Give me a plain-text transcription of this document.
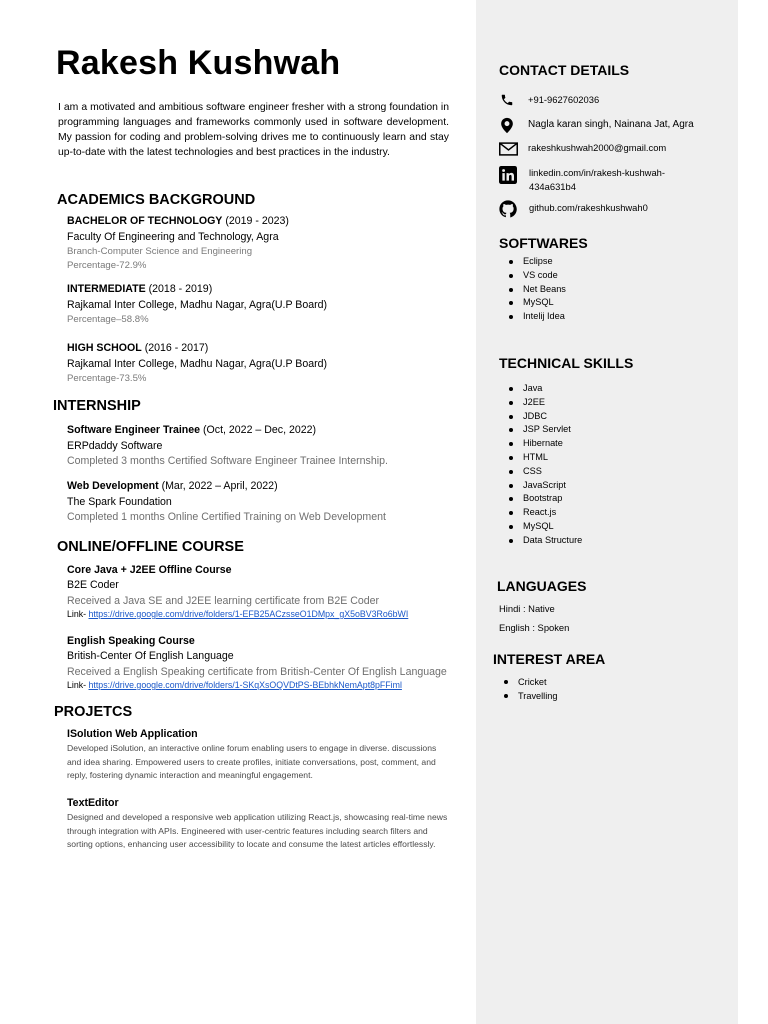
Rakesh Kushwah
I am a motivated and ambitious software engineer fresher with a strong foundation in programming languages and frameworks commonly used in software development. My passion for coding and problem-solving drives me to continuously learn and stay up-to-date with the latest technologies and best practices in the industry.
ACADEMICS BACKGROUND
BACHELOR OF TECHNOLOGY (2019 - 2023)
Faculty Of Engineering and Technology, Agra
Branch-Computer Science and Engineering
Percentage-72.9%
INTERMEDIATE (2018 - 2019)
Rajkamal Inter College, Madhu Nagar, Agra(U.P Board)
Percentage–58.8%
HIGH SCHOOL (2016 - 2017)
Rajkamal Inter College, Madhu Nagar, Agra(U.P Board)
Percentage-73.5%
INTERNSHIP
Software Engineer Trainee (Oct, 2022 – Dec, 2022)
ERPdaddy Software
Completed 3 months Certified Software Engineer Trainee Internship.
Web Development (Mar, 2022 – April, 2022)
The Spark Foundation
Completed 1 months Online Certified Training on Web Development
ONLINE/OFFLINE COURSE
Core Java + J2EE Offline Course
B2E Coder
Received a Java SE and J2EE learning certificate from B2E Coder
Link- https://drive.google.com/drive/folders/1-EFB25ACzsseO1DMpx_gX5oBV3Ro6bWI
English Speaking Course
British-Center Of English Language
Received a English Speaking certificate from British-Center Of English Language
Link- https://drive.google.com/drive/folders/1-SKqXsOQVDtPS-BEbhkNemApt8pFFiml
PROJETCS
ISolution Web Application
Developed iSolution, an interactive online forum enabling users to engage in diverse. discussions and idea sharing. Empowered users to create profiles, initiate conversations, post, comment, and reply, fostering dynamic interaction and meaningful engagement.
TextEditor
Designed and developed a responsive web application utilizing React.js, showcasing real-time news through integration with APIs. Engineered with user-centric features including search filters and sorting options, enhancing user accessibility to locate and consume the latest articles effortlessly.
CONTACT DETAILS
+91-9627602036
Nagla karan singh, Nainana Jat, Agra
rakeshkushwah2000@gmail.com
linkedin.com/in/rakesh-kushwah-
434a631b4
github.com/rakeshkushwah0
SOFTWARES
Eclipse
VS code
Net Beans
MySQL
Intelij Idea
TECHNICAL SKILLS
Java
J2EE
JDBC
JSP Servlet
Hibernate
HTML
CSS
JavaScript
Bootstrap
React.js
MySQL
Data Structure
LANGUAGES
Hindi : Native
English : Spoken
INTEREST AREA
Cricket
Travelling
